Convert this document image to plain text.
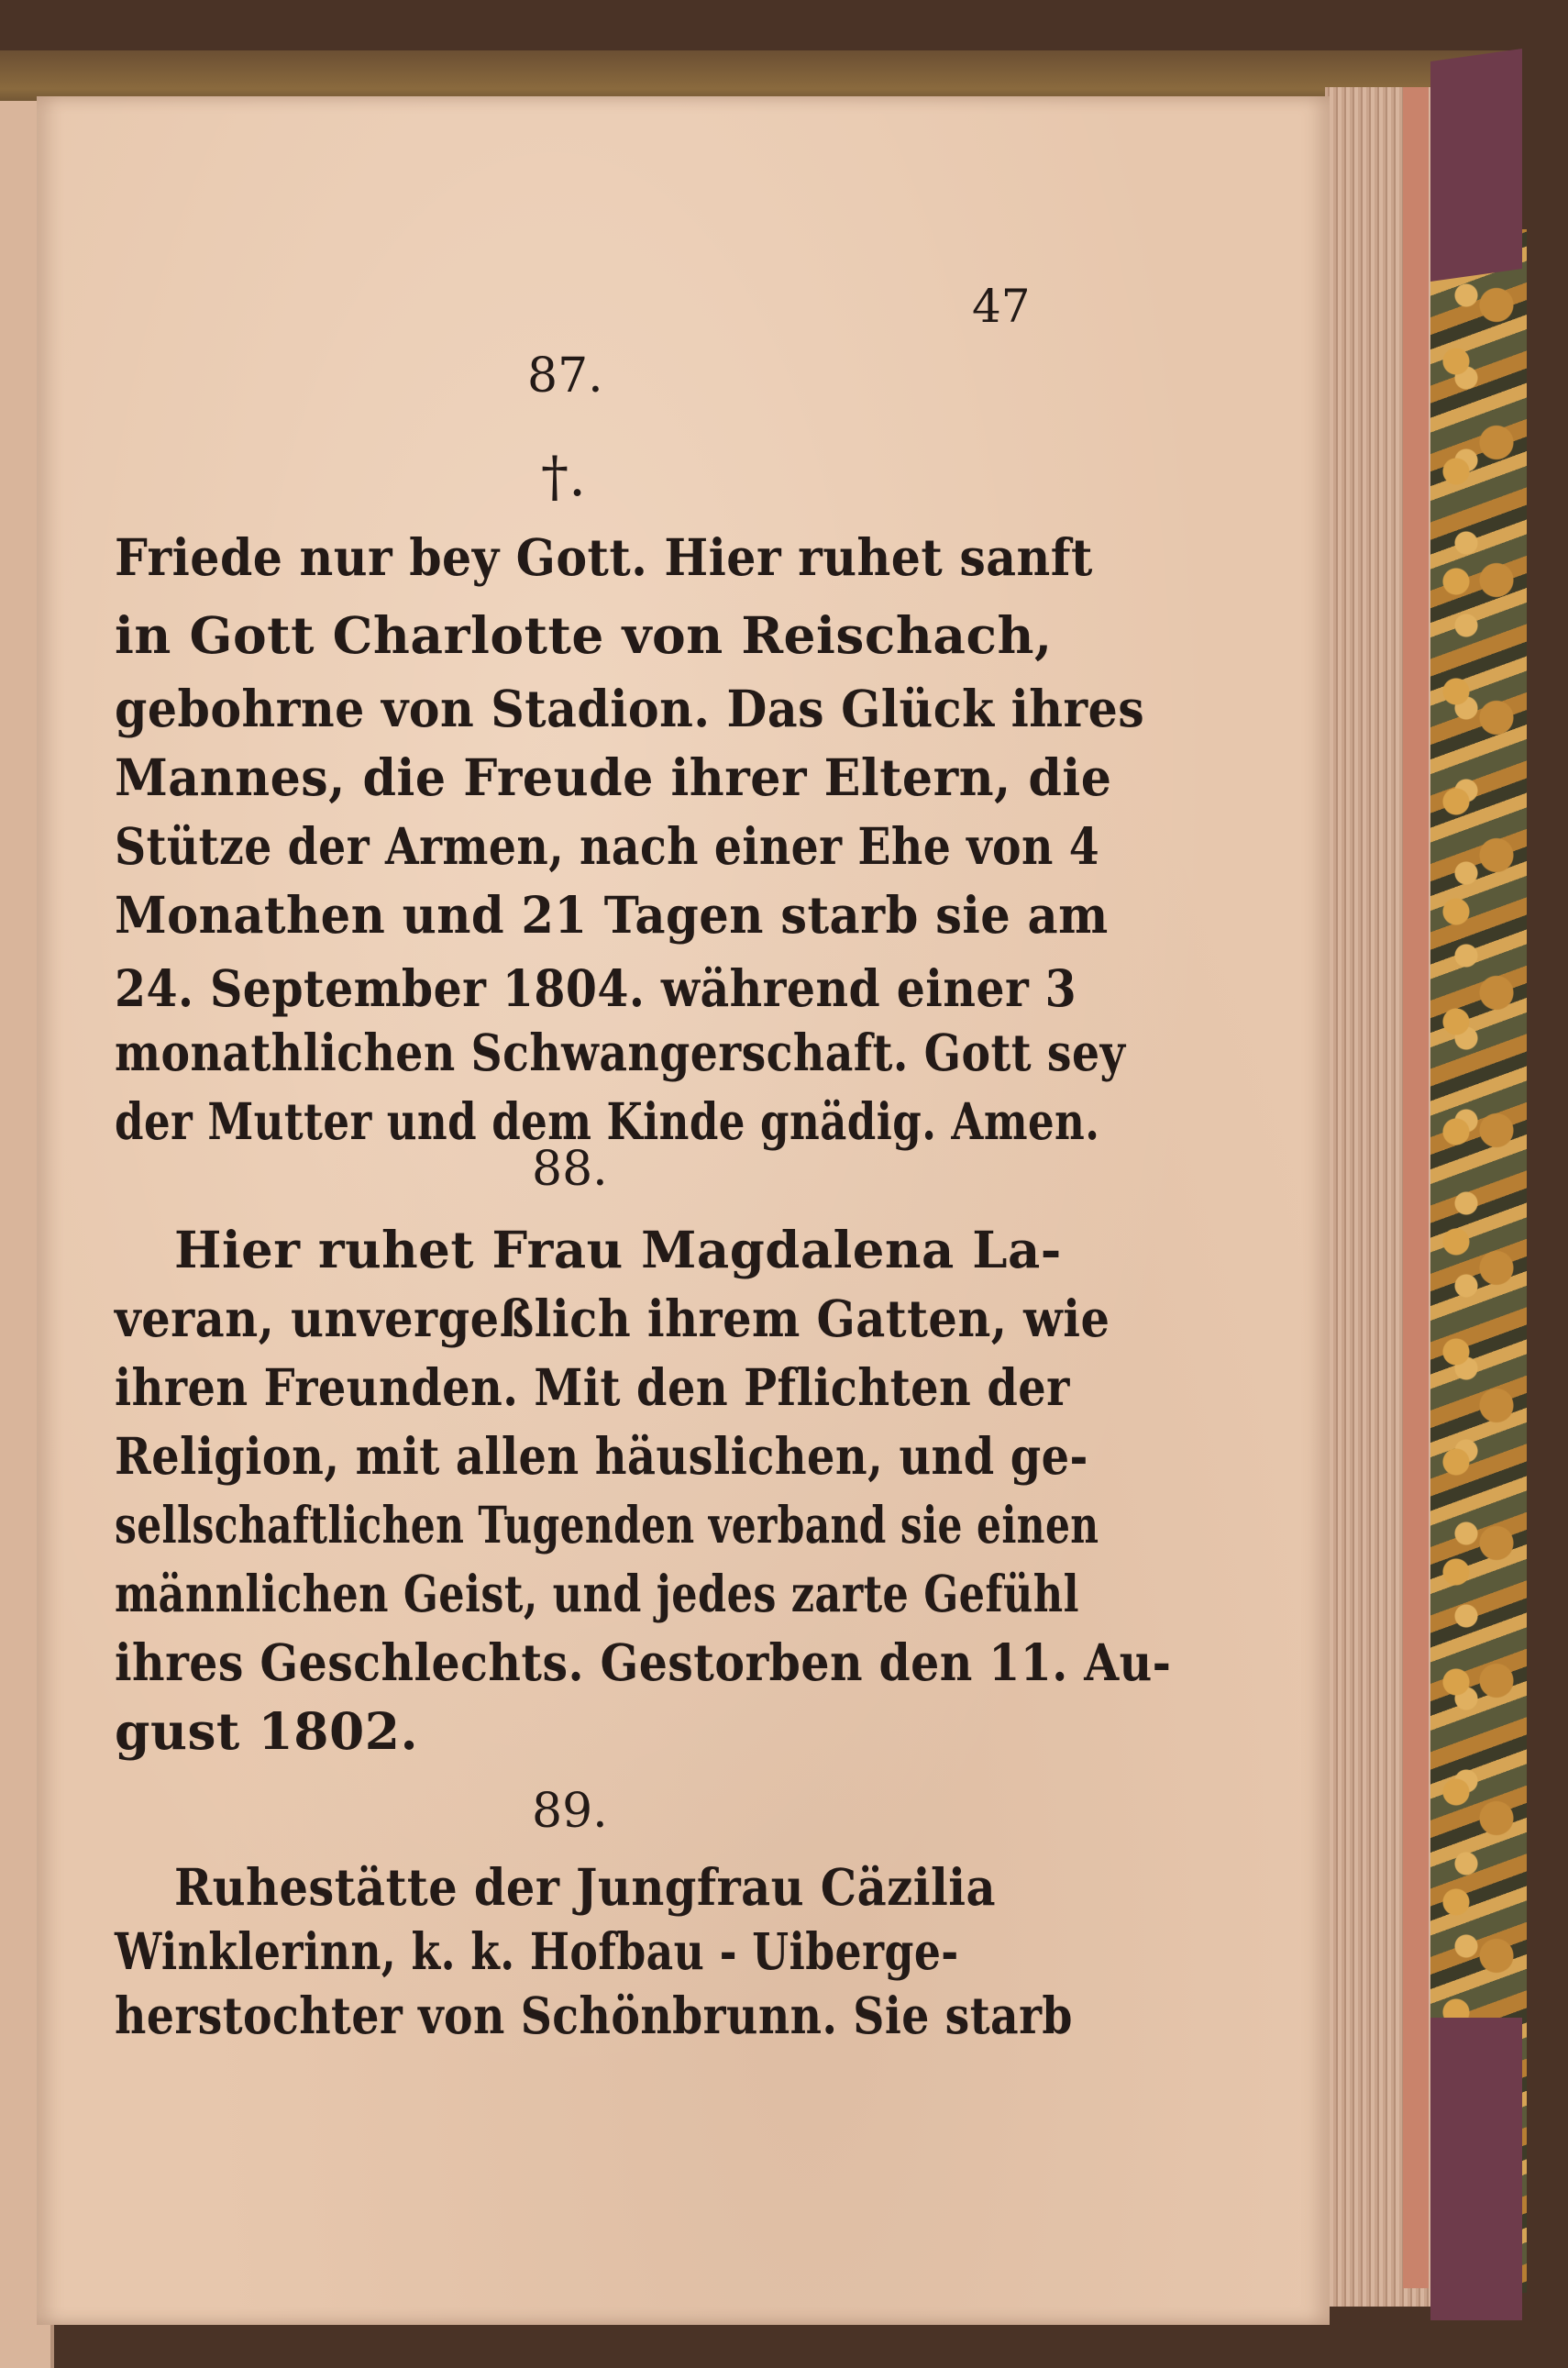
47
87.
†.
Friede nur bey Gott. Hier ruhet sanft
in Gott Charlotte von Reischach,
gebohrne von Stadion. Das Glück ihres
Mannes, die Freude ihrer Eltern, die
Stütze der Armen, nach einer Ehe von 4
Monathen und 21 Tagen starb sie am
24. September 1804. während einer 3
monathlichen Schwangerschaft. Gott sey
der Mutter und dem Kinde gnädig. Amen.
88.
Hier ruhet Frau Magdalena La-
veran, unvergeßlich ihrem Gatten, wie
ihren Freunden. Mit den Pflichten der
Religion, mit allen häuslichen, und ge-
sellschaftlichen Tugenden verband sie einen
männlichen Geist, und jedes zarte Gefühl
ihres Geschlechts. Gestorben den 11. Au-
gust 1802.
89.
Ruhestätte der Jungfrau Cäzilia
Winklerinn, k. k. Hofbau - Uiberge-
herstochter von Schönbrunn. Sie starb
